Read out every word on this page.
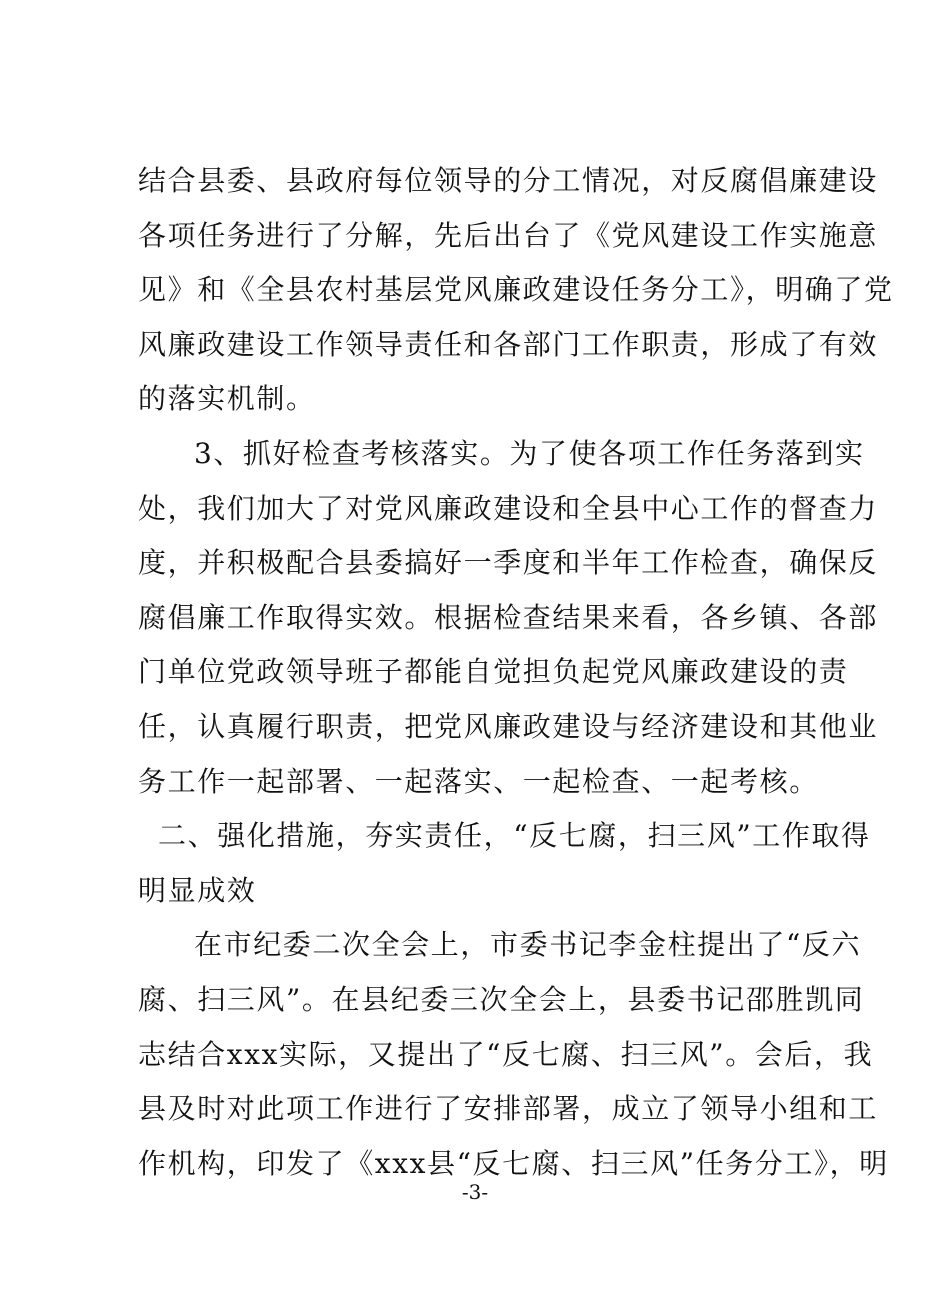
结合县委、县政府每位领导的分工情况，对反腐倡廉建设
各项任务进行了分解，先后出台了《党风建设工作实施意
见》和《全县农村基层党风廉政建设任务分工》，明确了党
风廉政建设工作领导责任和各部门工作职责，形成了有效
的落实机制。
3、抓好检查考核落实。为了使各项工作任务落到实
处，我们加大了对党风廉政建设和全县中心工作的督查力
度，并积极配合县委搞好一季度和半年工作检查，确保反
腐倡廉工作取得实效。根据检查结果来看，各乡镇、各部
门单位党政领导班子都能自觉担负起党风廉政建设的责
任，认真履行职责，把党风廉政建设与经济建设和其他业
务工作一起部署、一起落实、一起检查、一起考核。
二、强化措施，夯实责任，“反七腐，扫三风”工作取得
明显成效
在市纪委二次全会上，市委书记李金柱提出了“反六
腐、扫三风”。在县纪委三次全会上，县委书记邵胜凯同
志结合xxx实际，又提出了“反七腐、扫三风”。会后，我
县及时对此项工作进行了安排部署，成立了领导小组和工
作机构，印发了《xxx县“反七腐、扫三风”任务分工》，明
-3-
